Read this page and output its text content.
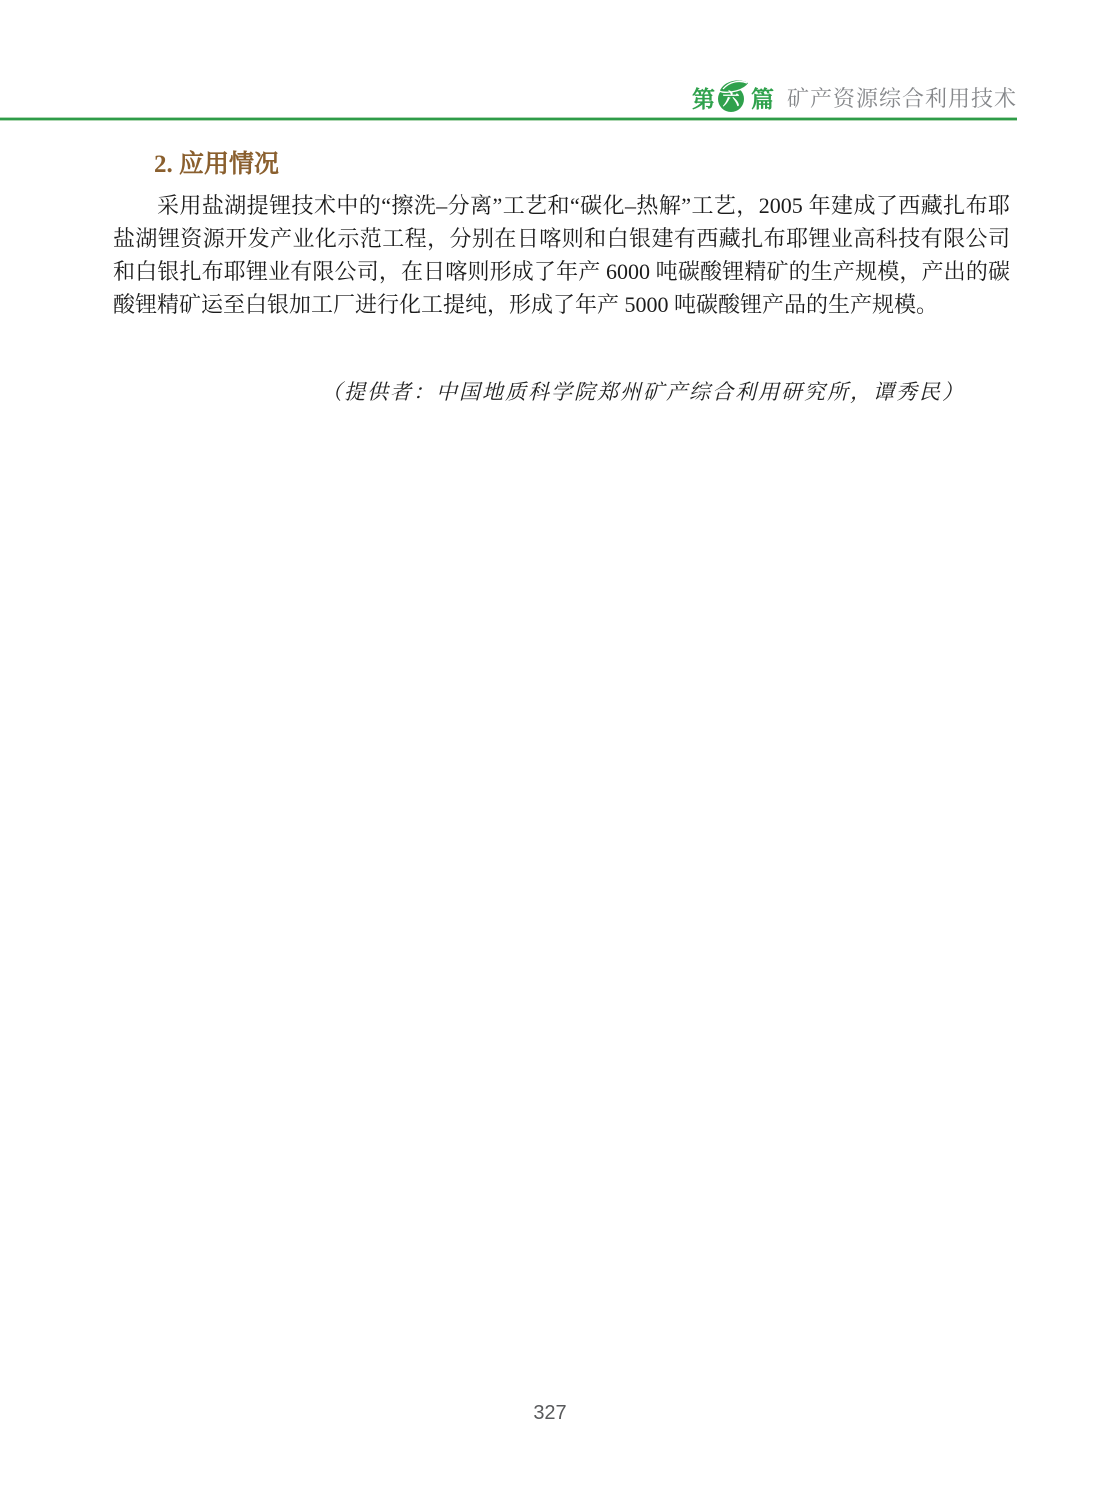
第 六 篇 矿产资源综合利用技术
2. 应用情况

采用盐湖提锂技术中的“擦洗–分离”工艺和“碳化–热解”工艺，2005 年建成了西藏扎布耶盐湖锂资源开发产业化示范工程，分别在日喀则和白银建有西藏扎布耶锂业高科技有限公司和白银扎布耶锂业有限公司，在日喀则形成了年产 6000 吨碳酸锂精矿的生产规模，产出的碳酸锂精矿运至白银加工厂进行化工提纯，形成了年产 5000 吨碳酸锂产品的生产规模。

（提供者：中国地质科学院郑州矿产综合利用研究所，谭秀民）

327
